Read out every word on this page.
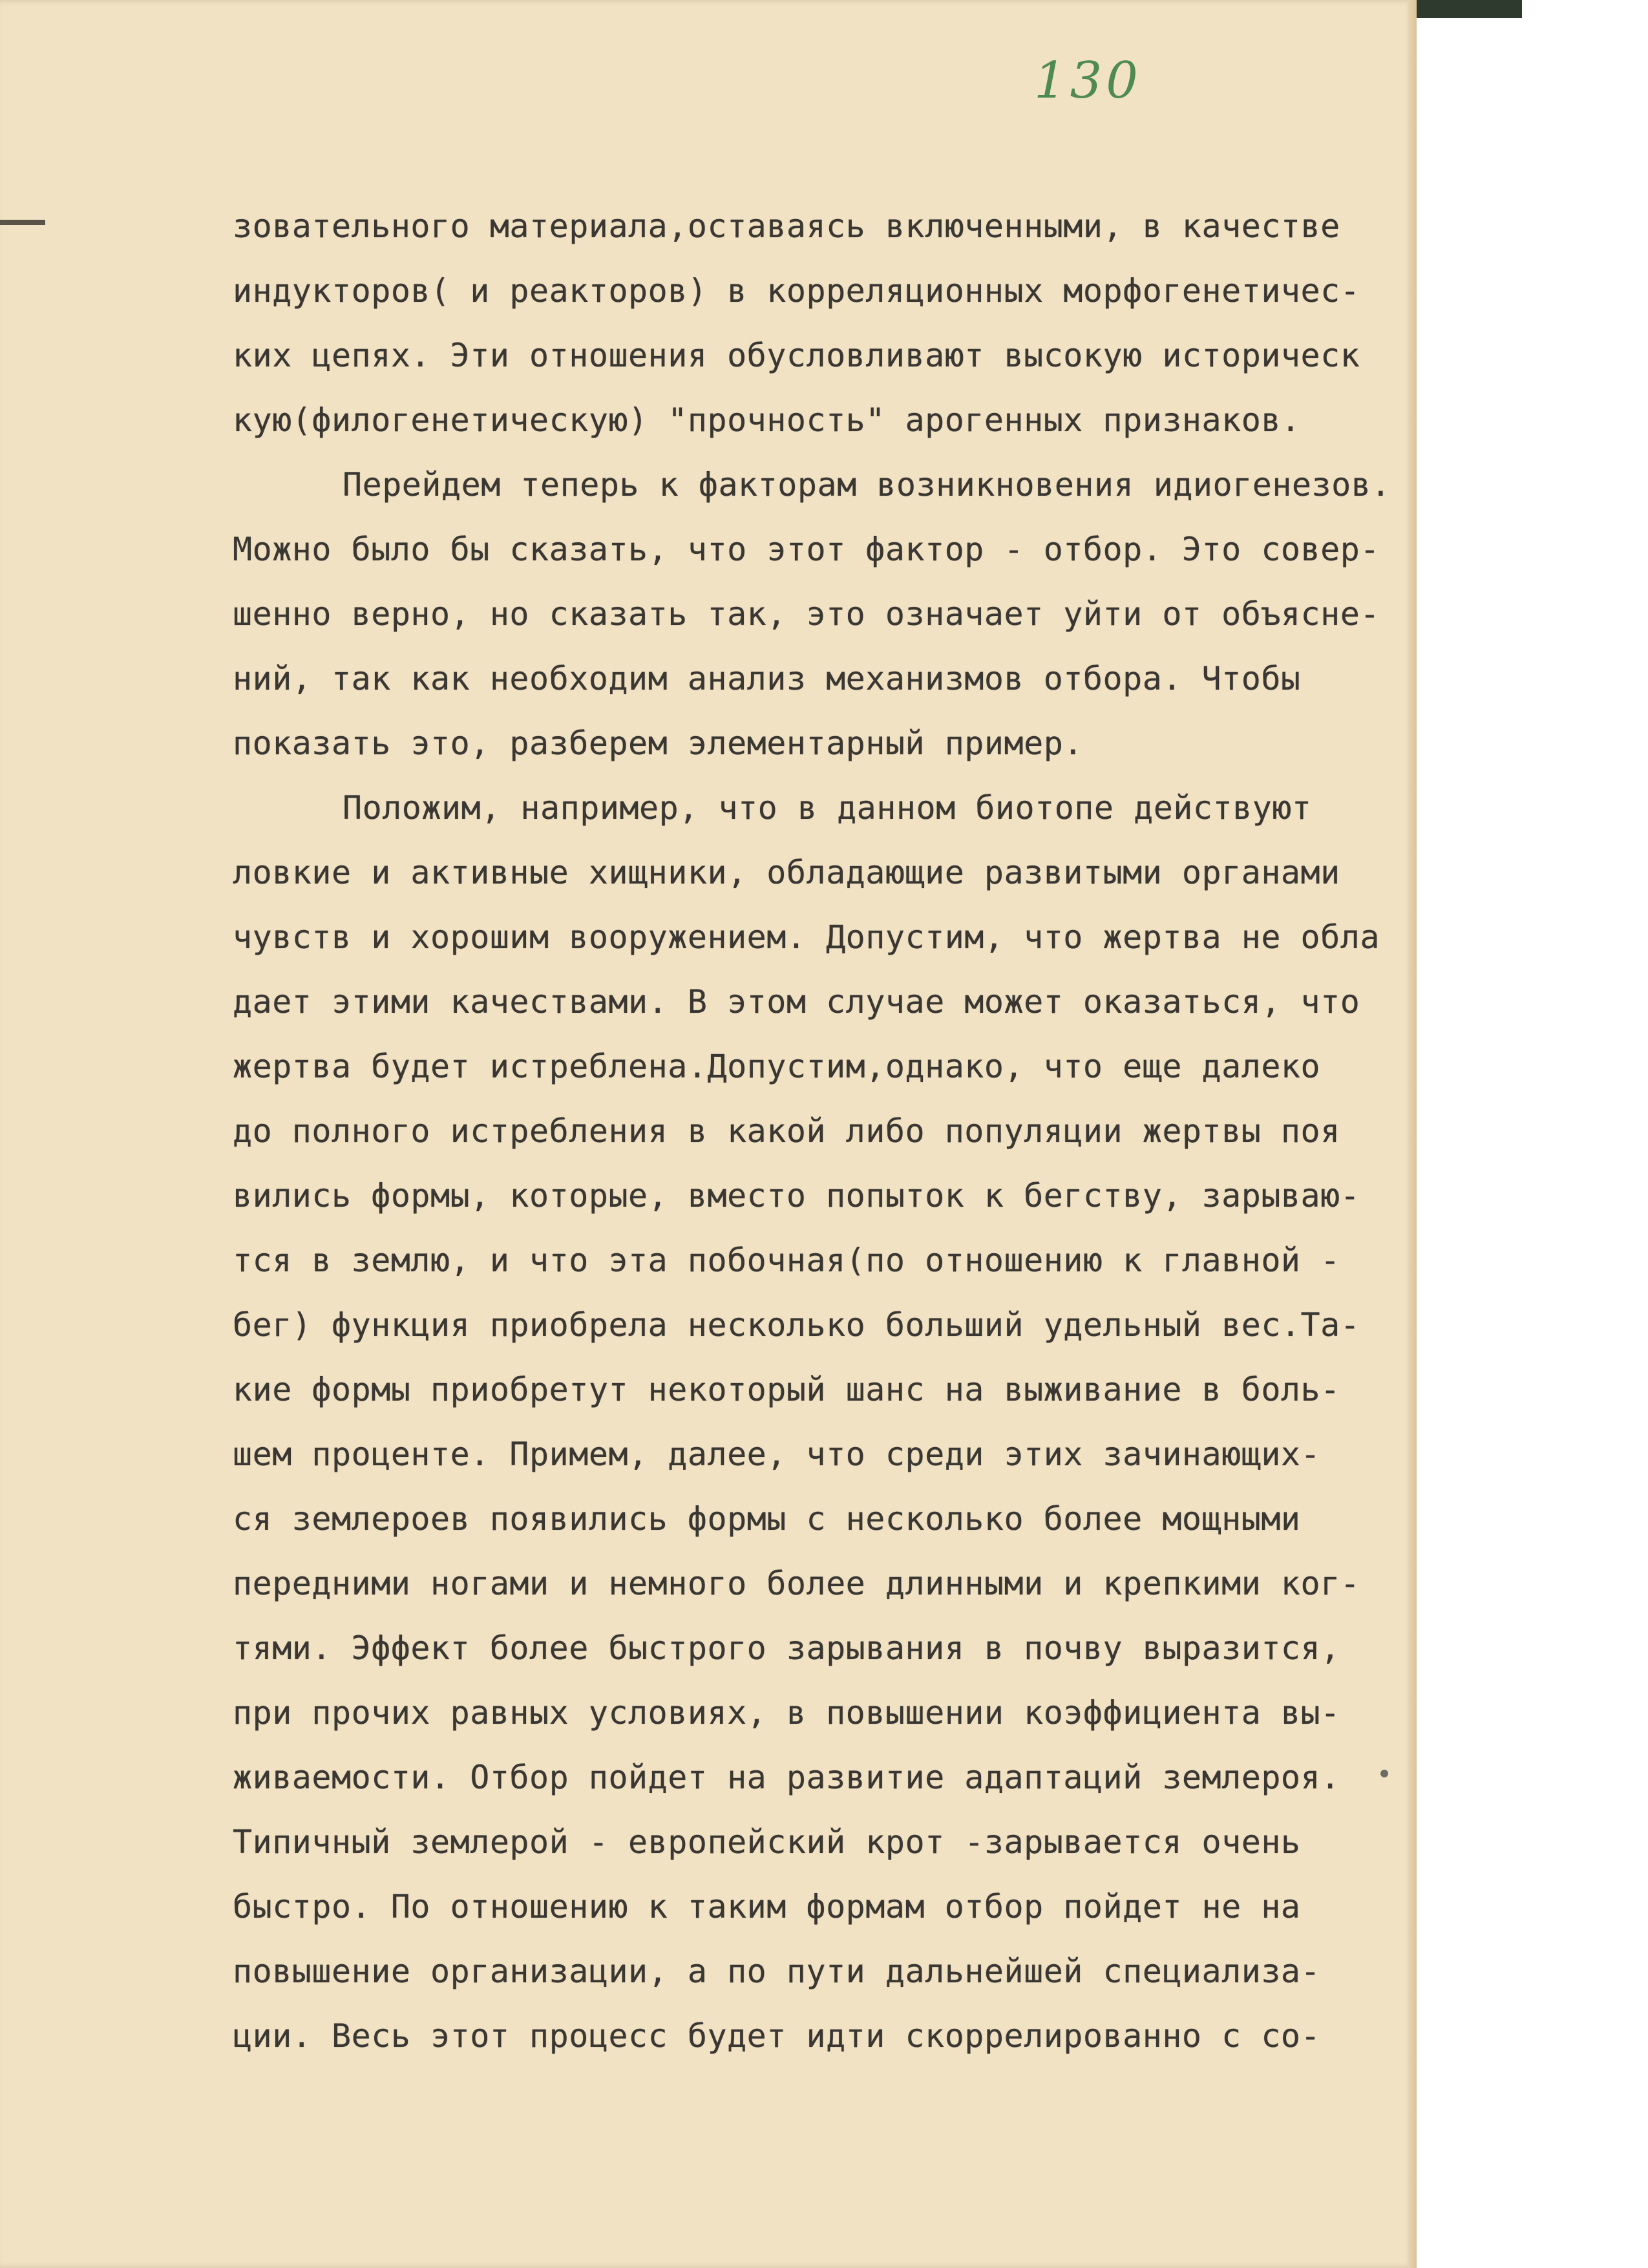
130
зовательного материала,оставаясь включенными, в качестве
индукторов( и реакторов) в корреляционных морфогенетичес-
ких цепях. Эти отношения обусловливают высокую историческ
кую(филогенетическую) "прочность" арогенных признаков.
Перейдем теперь к факторам возникновения идиогенезов.
Можно было бы сказать, что этот фактор - отбор. Это совер-
шенно верно, но сказать так, это означает уйти от объясне-
ний, так как необходим анализ механизмов отбора. Чтобы
показать это, разберем элементарный пример.
Положим, например, что в данном биотопе действуют
ловкие и активные хищники, обладающие развитыми органами
чувств и хорошим вооружением. Допустим, что жертва не обла
дает этими качествами. В этом случае может оказаться, что
жертва будет истреблена.Допустим,однако, что еще далеко
до полного истребления в какой либо популяции жертвы поя
вились формы, которые, вместо попыток к бегству, зарываю-
тся в землю, и что эта побочная(по отношению к главной -
бег) функция приобрела несколько больший удельный вес.Та-
кие формы приобретут некоторый шанс на выживание в боль-
шем проценте. Примем, далее, что среди этих зачинающих-
ся землероев появились формы с несколько более мощными
передними ногами и немного более длинными и крепкими ког-
тями. Эффект более быстрого зарывания в почву выразится,
при прочих равных условиях, в повышении коэффициента вы-
живаемости. Отбор пойдет на развитие адаптаций землероя.
Типичный землерой - европейский крот -зарывается очень
быстро. По отношению к таким формам отбор пойдет не на
повышение организации, а по пути дальнейшей специализа-
ции. Весь этот процесс будет идти скоррелированно с со-
